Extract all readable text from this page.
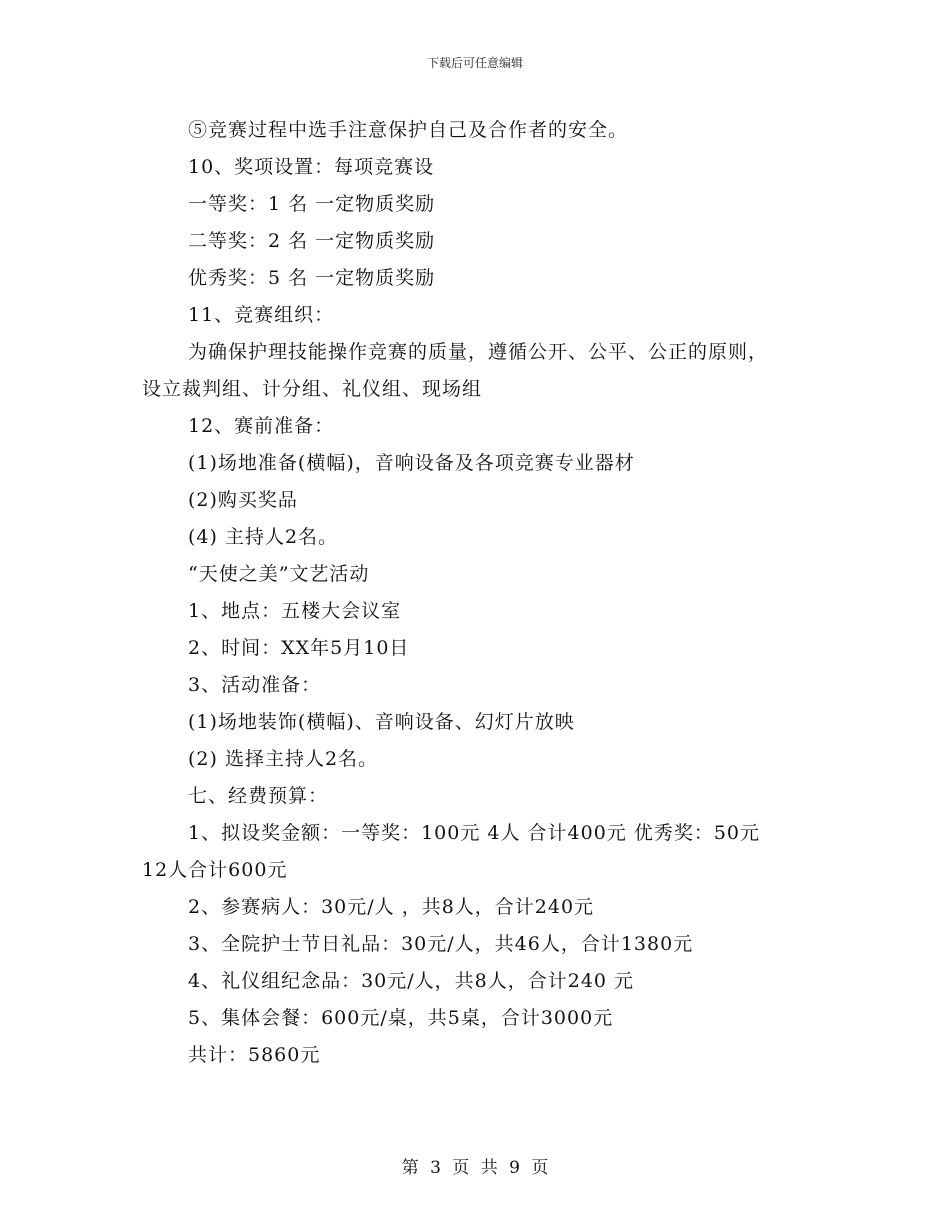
下载后可任意编辑
⑤竞赛过程中选手注意保护自己及合作者的安全。
10、奖项设置：每项竞赛设
一等奖：1 名 一定物质奖励
二等奖：2 名 一定物质奖励
优秀奖：5 名 一定物质奖励
11、竞赛组织：
为确保护理技能操作竞赛的质量，遵循公开、公平、公正的原则，
设立裁判组、计分组、礼仪组、现场组
12、赛前准备：
(1)场地准备(横幅)，音响设备及各项竞赛专业器材
(2)购买奖品
(4) 主持人2名。
“天使之美”文艺活动
1、地点：五楼大会议室
2、时间：XX年5月10日
3、活动准备：
(1)场地装饰(横幅)、音响设备、幻灯片放映
(2) 选择主持人2名。
七、经费预算：
1、拟设奖金额：一等奖：100元 4人 合计400元 优秀奖：50元
12人合计600元
2、参赛病人：30元/人 ，共8人，合计240元
3、全院护士节日礼品：30元/人，共46人，合计1380元
4、礼仪组纪念品：30元/人，共8人，合计240 元
5、集体会餐：600元/桌，共5桌，合计3000元
共计：5860元
第 3 页 共 9 页
